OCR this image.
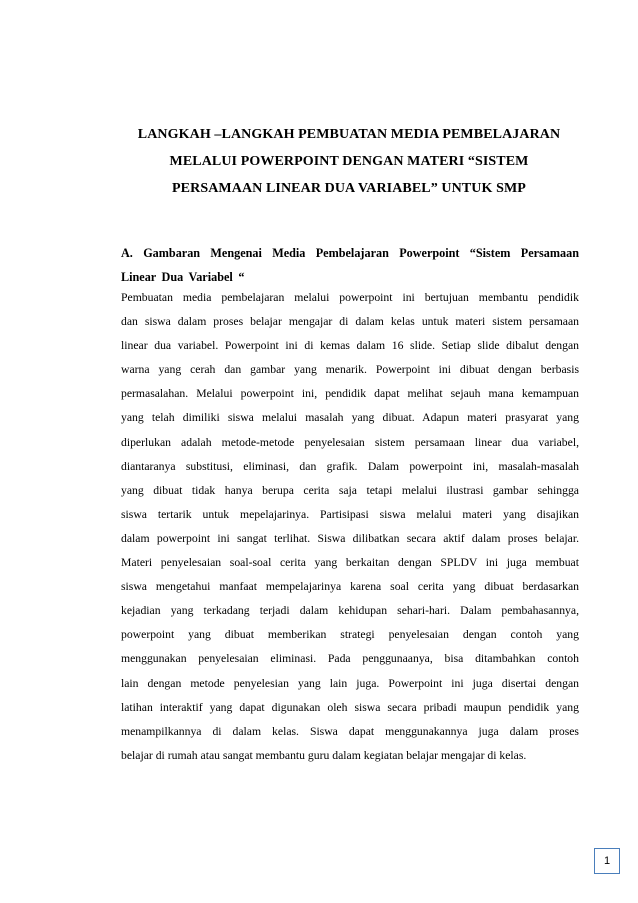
LANGKAH –LANGKAH PEMBUATAN MEDIA PEMBELAJARAN
MELALUI POWERPOINT DENGAN MATERI “SISTEM
PERSAMAAN LINEAR DUA VARIABEL” UNTUK SMP
A. Gambaran Mengenai Media Pembelajaran Powerpoint “Sistem Persamaan Linear Dua Variabel “
Pembuatan media pembelajaran melalui powerpoint ini bertujuan membantu pendidik
dan siswa dalam proses belajar mengajar di dalam kelas untuk materi sistem persamaan
linear dua variabel. Powerpoint ini di kemas dalam 16 slide. Setiap slide dibalut dengan
warna yang cerah dan gambar yang menarik. Powerpoint ini dibuat dengan berbasis
permasalahan. Melalui powerpoint ini, pendidik dapat melihat sejauh mana kemampuan
yang telah dimiliki siswa melalui masalah yang dibuat. Adapun materi prasyarat yang
diperlukan adalah metode-metode penyelesaian sistem persamaan linear dua variabel,
diantaranya substitusi, eliminasi, dan grafik. Dalam powerpoint ini, masalah-masalah
yang dibuat tidak hanya berupa cerita saja tetapi melalui ilustrasi gambar sehingga
siswa tertarik untuk mepelajarinya. Partisipasi siswa melalui materi yang disajikan
dalam powerpoint ini sangat terlihat. Siswa dilibatkan secara aktif dalam proses belajar.
Materi penyelesaian soal-soal cerita yang berkaitan dengan SPLDV ini juga membuat
siswa mengetahui manfaat mempelajarinya karena soal cerita yang dibuat berdasarkan
kejadian yang terkadang terjadi dalam kehidupan sehari-hari. Dalam pembahasannya,
powerpoint yang dibuat memberikan strategi penyelesaian dengan contoh yang
menggunakan penyelesaian eliminasi. Pada penggunaanya, bisa ditambahkan contoh
lain dengan metode penyelesian yang lain juga. Powerpoint ini juga disertai dengan
latihan interaktif yang dapat digunakan oleh siswa secara pribadi maupun pendidik yang
menampilkannya di dalam kelas. Siswa dapat menggunakannya juga dalam proses
belajar di rumah atau sangat membantu guru dalam kegiatan belajar mengajar di kelas.
1
